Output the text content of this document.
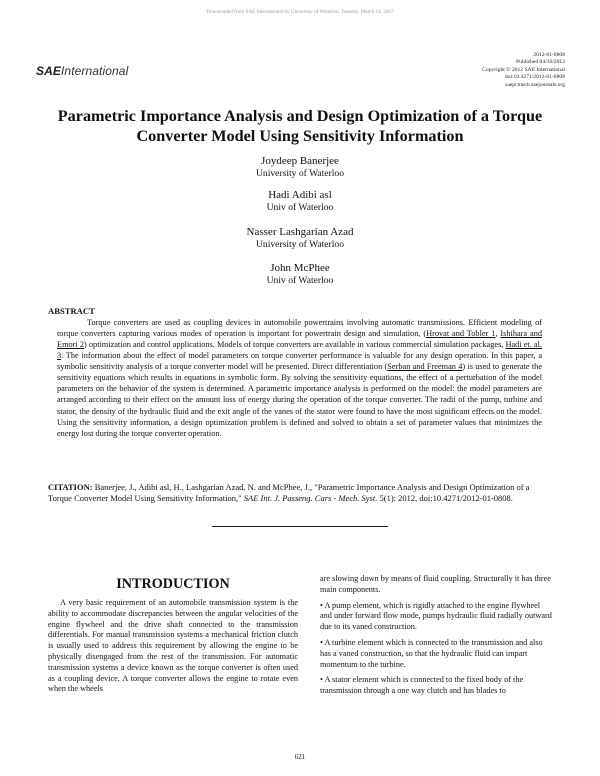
Downloaded from SAE International by University of Waterloo, Tuesday, March 14, 2017
SAEInternational
2012-01-0808
Published 04/16/2012
Copyright © 2012 SAE International
doi:10.4271/2012-01-0808
saepcmech.saejournals.org
Parametric Importance Analysis and Design Optimization of a Torque Converter Model Using Sensitivity Information
Joydeep Banerjee
University of Waterloo
Hadi Adibi asl
Univ of Waterloo
Nasser Lashgarian Azad
University of Waterloo
John McPhee
Univ of Waterloo
ABSTRACT
Torque converters are used as coupling devices in automobile powertrains involving automatic transmissions. Efficient modeling of torque converters capturing various modes of operation is important for powertrain design and simulation, (Hrovat and Tobler 1, Ishihara and Emori 2) optimization and control applications. Models of torque converters are available in various commercial simulation packages, Hadi et. al. 3. The information about the effect of model parameters on torque converter performance is valuable for any design operation. In this paper, a symbolic sensitivity analysis of a torque converter model will be presented. Direct differentiation (Serban and Freeman 4) is used to generate the sensitivity equations which results in equations in symbolic form. By solving the sensitivity equations, the effect of a perturbation of the model parameters on the behavior of the system is determined. A parametric importance analysis is performed on the model: the model parameters are arranged according to their effect on the amount loss of energy during the operation of the torque converter. The radii of the pump, turbine and stator, the density of the hydraulic fluid and the exit angle of the vanes of the stator were found to have the most significant effects on the model. Using the sensitivity information, a design optimization problem is defined and solved to obtain a set of parameter values that minimizes the energy lost during the torque converter operation.
CITATION: Banerjee, J., Adibi asl, H., Lashgarian Azad, N. and McPhee, J., "Parametric Importance Analysis and Design Optimization of a Torque Converter Model Using Sensitivity Information," SAE Int. J. Passeng. Cars - Mech. Syst. 5(1): 2012, doi:10.4271/2012-01-0808.
INTRODUCTION
A very basic requirement of an automobile transmission system is the ability to accommodate discrepancies between the angular velocities of the engine flywheel and the drive shaft connected to the transmission differentials. For manual transmission systems a mechanical friction clutch is usually used to address this requirement by allowing the engine to be physically disengaged from the rest of the transmission. For automatic transmission systems a device known as the torque converter is often used as a coupling device. A torque converter allows the engine to rotate even when the wheels

are slowing down by means of fluid coupling. Structurally it has three main components.

• A pump element, which is rigidly attached to the engine flywheel and under forward flow mode, pumps hydraulic fluid radially outward due to its vaned construction.

• A turbine element which is connected to the transmission and also has a vaned construction, so that the hydraulic fluid can impart momentum to the turbine.

• A stator element which is connected to the fixed body of the transmission through a one way clutch and has blades to

621
